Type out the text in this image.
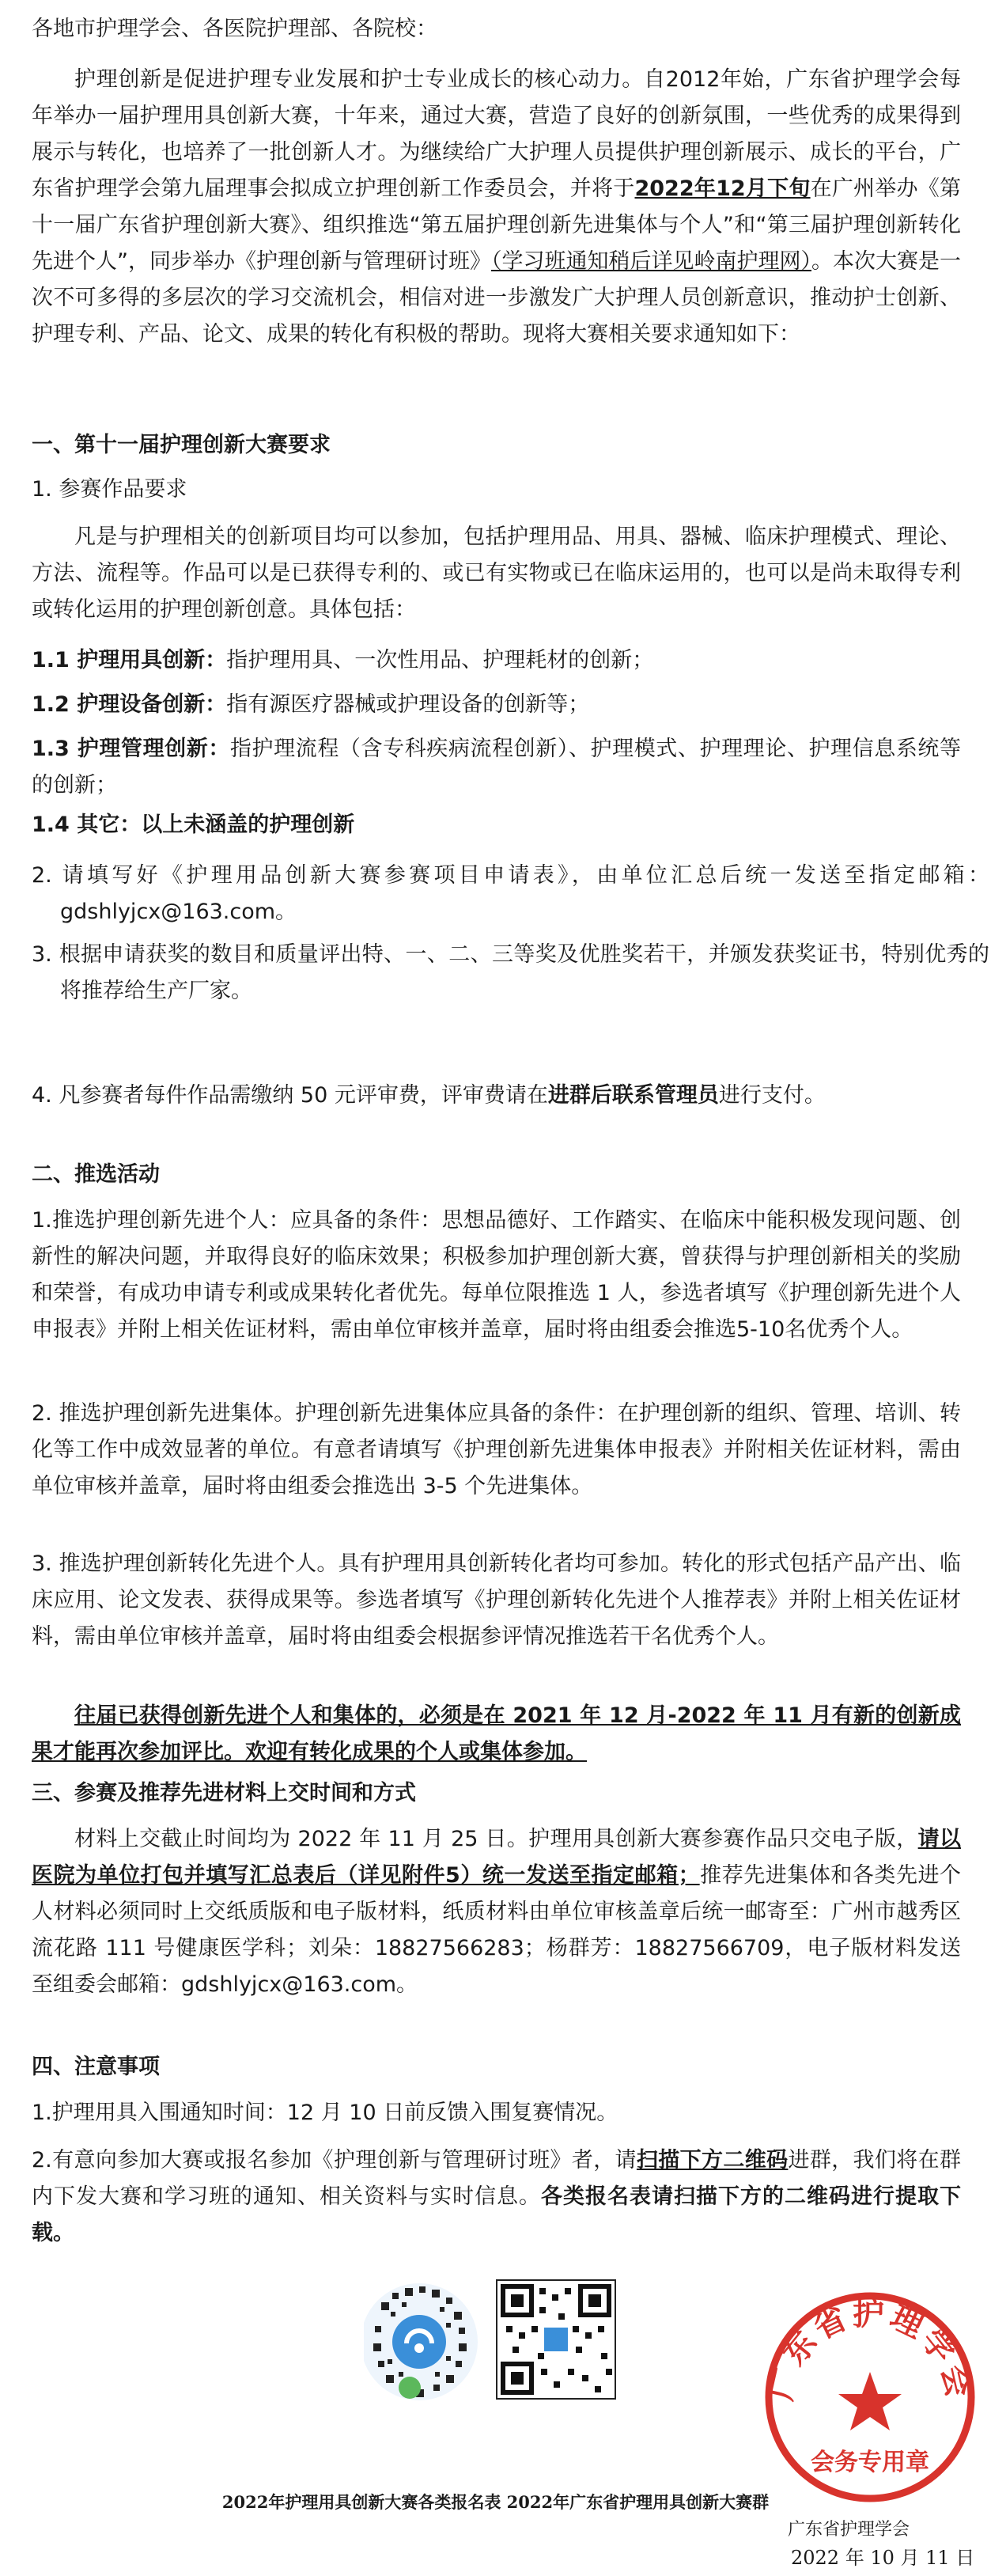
各地市护理学会、各医院护理部、各院校：

护理创新是促进护理专业发展和护士专业成长的核心动力。自2012年始，广东省护理学会每年举办一届护理用具创新大赛，十年来，通过大赛，营造了良好的创新氛围，一些优秀的成果得到展示与转化，也培养了一批创新人才。为继续给广大护理人员提供护理创新展示、成长的平台，广东省护理学会第九届理事会拟成立护理创新工作委员会，并将于2022年12月下旬在广州举办《第十一届广东省护理创新大赛》、组织推选“第五届护理创新先进集体与个人”和“第三届护理创新转化先进个人”，同步举办《护理创新与管理研讨班》（学习班通知稍后详见岭南护理网）。本次大赛是一次不可多得的多层次的学习交流机会，相信对进一步激发广大护理人员创新意识，推动护士创新、护理专利、产品、论文、成果的转化有积极的帮助。现将大赛相关要求通知如下：

一、第十一届护理创新大赛要求

1. 参赛作品要求

凡是与护理相关的创新项目均可以参加，包括护理用品、用具、器械、临床护理模式、理论、方法、流程等。作品可以是已获得专利的、或已有实物或已在临床运用的，也可以是尚未取得专利或转化运用的护理创新创意。具体包括：

1.1 护理用具创新：指护理用具、一次性用品、护理耗材的创新；

1.2 护理设备创新：指有源医疗器械或护理设备的创新等；

1.3 护理管理创新：指护理流程（含专科疾病流程创新）、护理模式、护理理论、护理信息系统等的创新；

1.4 其它：以上未涵盖的护理创新

2. 请填写好《护理用品创新大赛参赛项目申请表》，由单位汇总后统一发送至指定邮箱：gdshlyjcx@163.com。

3. 根据申请获奖的数目和质量评出特、一、二、三等奖及优胜奖若干，并颁发获奖证书，特别优秀的将推荐给生产厂家。

4. 凡参赛者每件作品需缴纳 50 元评审费，评审费请在进群后联系管理员进行支付。

二、推选活动

1.推选护理创新先进个人：应具备的条件：思想品德好、工作踏实、在临床中能积极发现问题、创新性的解决问题，并取得良好的临床效果；积极参加护理创新大赛，曾获得与护理创新相关的奖励和荣誉，有成功申请专利或成果转化者优先。每单位限推选 1 人，参选者填写《护理创新先进个人申报表》并附上相关佐证材料，需由单位审核并盖章，届时将由组委会推选5-10名优秀个人。

2. 推选护理创新先进集体。护理创新先进集体应具备的条件：在护理创新的组织、管理、培训、转化等工作中成效显著的单位。有意者请填写《护理创新先进集体申报表》并附相关佐证材料，需由单位审核并盖章，届时将由组委会推选出 3-5 个先进集体。

3. 推选护理创新转化先进个人。具有护理用具创新转化者均可参加。转化的形式包括产品产出、临床应用、论文发表、获得成果等。参选者填写《护理创新转化先进个人推荐表》并附上相关佐证材料，需由单位审核并盖章，届时将由组委会根据参评情况推选若干名优秀个人。

往届已获得创新先进个人和集体的，必须是在 2021 年 12 月-2022 年 11 月有新的创新成果才能再次参加评比。欢迎有转化成果的个人或集体参加。

三、参赛及推荐先进材料上交时间和方式

材料上交截止时间均为 2022 年 11 月 25 日。护理用具创新大赛参赛作品只交电子版，请以医院为单位打包并填写汇总表后（详见附件5）统一发送至指定邮箱；推荐先进集体和各类先进个人材料必须同时上交纸质版和电子版材料，纸质材料由单位审核盖章后统一邮寄至：广州市越秀区流花路 111 号健康医学科；刘朵：18827566283；杨群芳：18827566709，电子版材料发送至组委会邮箱：gdshlyjcx@163.com。

四、注意事项

1.护理用具入围通知时间：12 月 10 日前反馈入围复赛情况。

2.有意向参加大赛或报名参加《护理创新与管理研讨班》者，请扫描下方二维码进群，我们将在群内下发大赛和学习班的通知、相关资料与实时信息。各类报名表请扫描下方的二维码进行提取下载。

2022年护理用具创新大赛各类报名表 2022年广东省护理用具创新大赛群
广东省护理学会
会务专用章
广东省护理学会
2022 年 10 月 11 日
